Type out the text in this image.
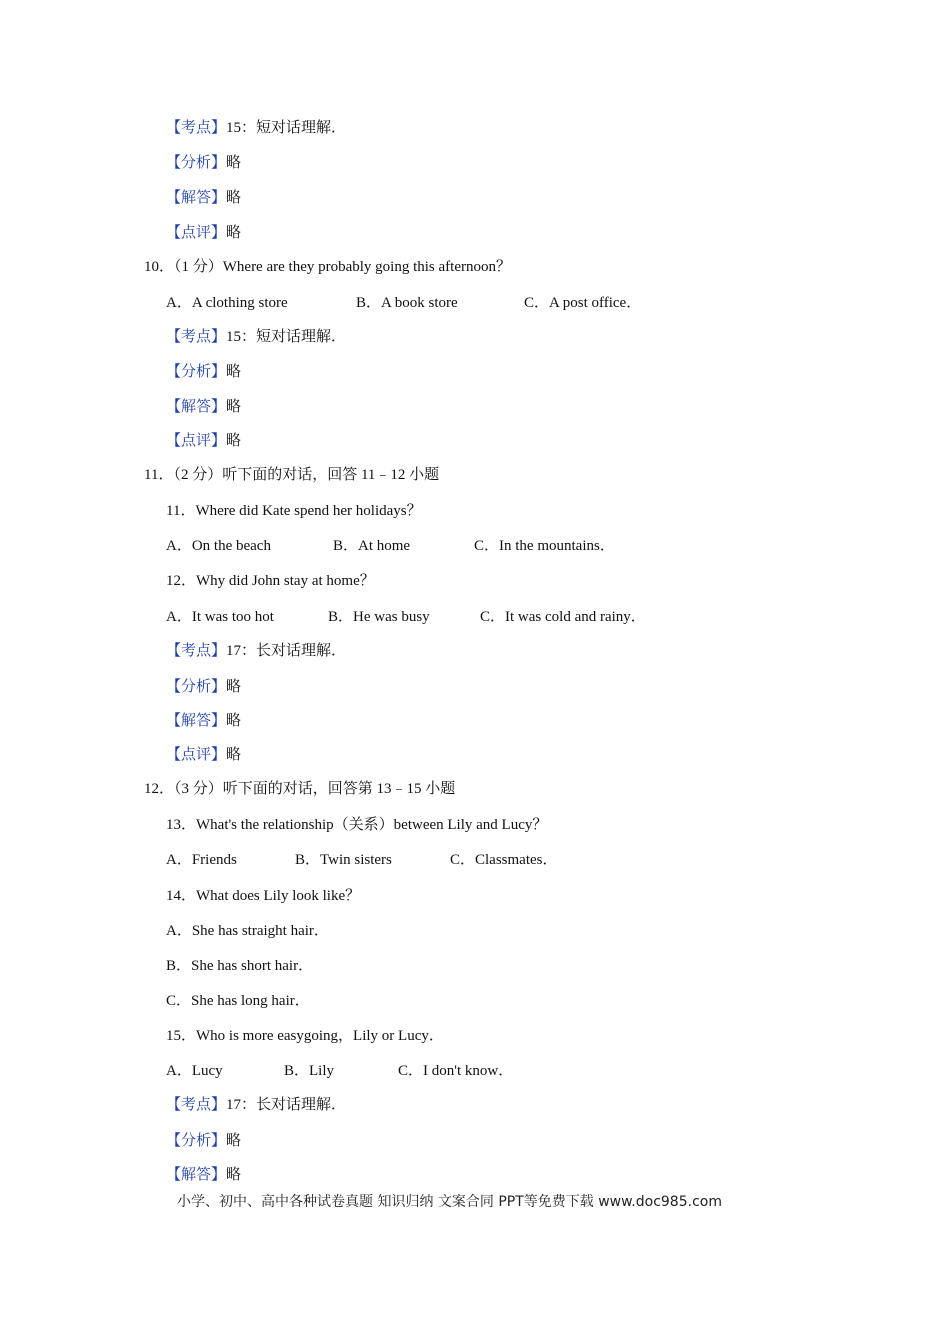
【考点】15：短对话理解．
【分析】略
【解答】略
【点评】略
10．（1 分）Where are they probably going this afternoon？
A．A clothing store	B．A book store	C．A post office．
【考点】15：短对话理解．
【分析】略
【解答】略
【点评】略
11．（2 分）听下面的对话，回答 11﹣12 小题
11．Where did Kate spend her holidays？
A．On the beach	B．At home	C．In the mountains．
12．Why did John stay at home？
A．It was too hot	B．He was busy	C．It was cold and rainy．
【考点】17：长对话理解．
【分析】略
【解答】略
【点评】略
12．（3 分）听下面的对话，回答第 13﹣15 小题
13．What's the relationship（关系）between Lily and Lucy？
A．Friends	B．Twin sisters	C．Classmates．
14．What does Lily look like？
A．She has straight hair．
B．She has short hair．
C．She has long hair．
15．Who is more easygoing，Lily or Lucy．
A．Lucy	B．Lily	C．I don't know．
【考点】17：长对话理解．
【分析】略
【解答】略
小学、初中、高中各种试卷真题 知识归纳 文案合同 PPT等免费下载 www.doc985.com
